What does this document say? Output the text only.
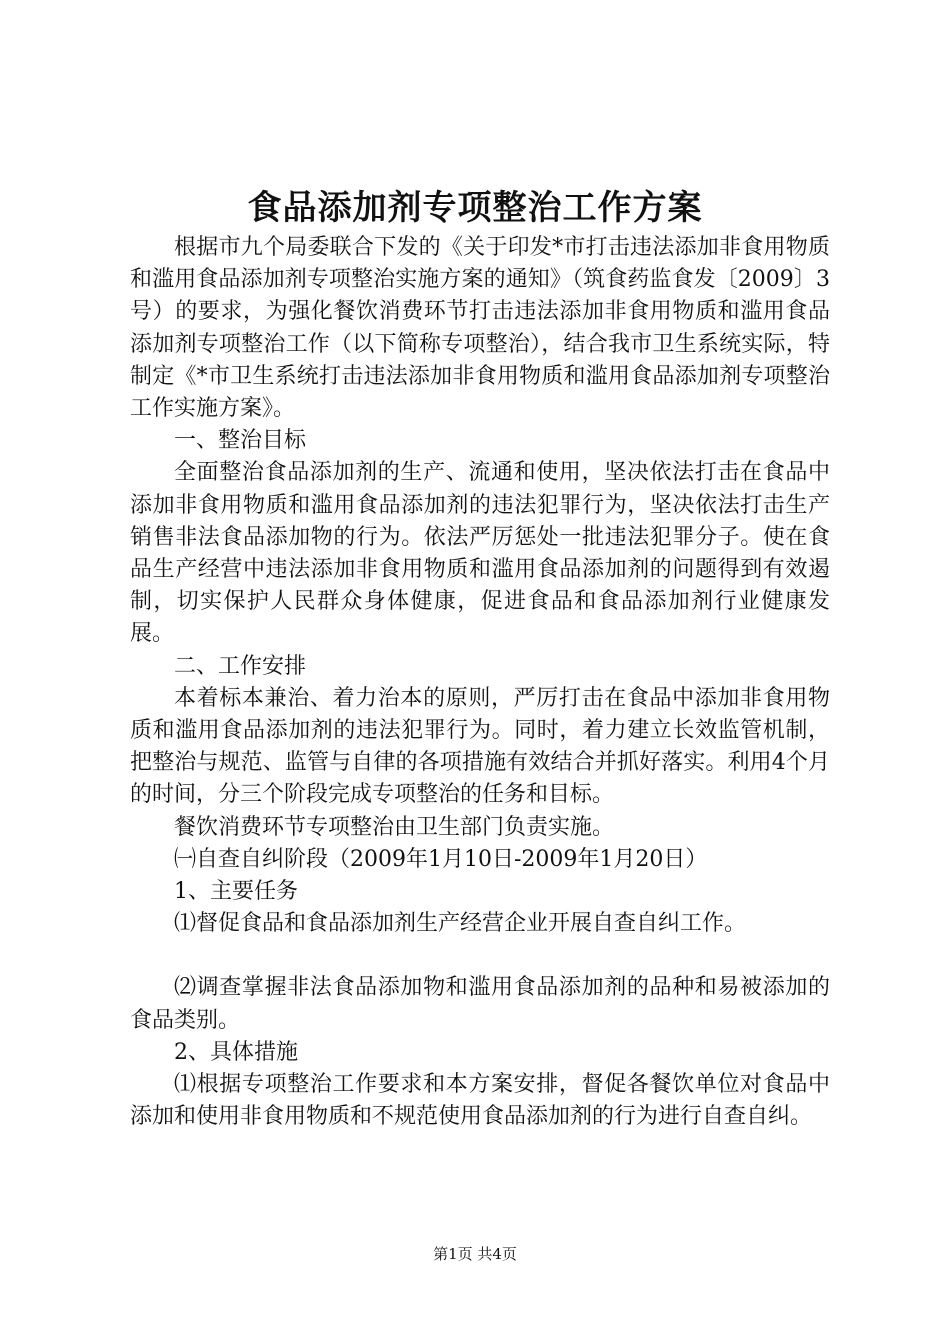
食品添加剂专项整治工作方案

根据市九个局委联合下发的《关于印发*市打击违法添加非食用物质和滥用食品添加剂专项整治实施方案的通知》（筑食药监食发〔2009〕3号）的要求，为强化餐饮消费环节打击违法添加非食用物质和滥用食品添加剂专项整治工作（以下简称专项整治），结合我市卫生系统实际，特制定《*市卫生系统打击违法添加非食用物质和滥用食品添加剂专项整治工作实施方案》。

一、整治目标

全面整治食品添加剂的生产、流通和使用，坚决依法打击在食品中添加非食用物质和滥用食品添加剂的违法犯罪行为，坚决依法打击生产销售非法食品添加物的行为。依法严厉惩处一批违法犯罪分子。使在食品生产经营中违法添加非食用物质和滥用食品添加剂的问题得到有效遏制，切实保护人民群众身体健康，促进食品和食品添加剂行业健康发展。

二、工作安排

本着标本兼治、着力治本的原则，严厉打击在食品中添加非食用物质和滥用食品添加剂的违法犯罪行为。同时，着力建立长效监管机制，把整治与规范、监管与自律的各项措施有效结合并抓好落实。利用4个月的时间，分三个阶段完成专项整治的任务和目标。

餐饮消费环节专项整治由卫生部门负责实施。

㈠自查自纠阶段（2009年1月10日-2009年1月20日）

1、主要任务

⑴督促食品和食品添加剂生产经营企业开展自查自纠工作。

⑵调查掌握非法食品添加物和滥用食品添加剂的品种和易被添加的食品类别。

2、具体措施

⑴根据专项整治工作要求和本方案安排，督促各餐饮单位对食品中添加和使用非食用物质和不规范使用食品添加剂的行为进行自查自纠。

第1页 共4页
